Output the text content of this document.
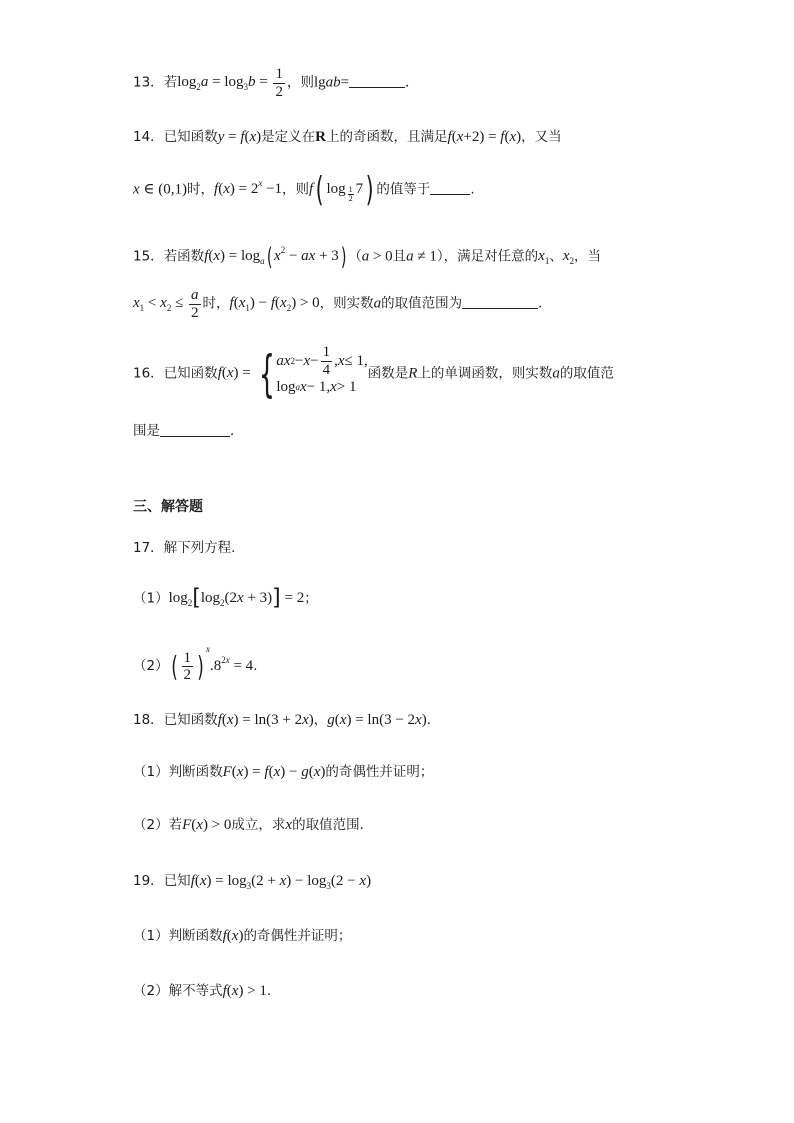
13．若$\log_2a = \log_3b = \frac{1}{2}$ ，则lgab=	．
14．已知函数y = f(x)是定义在R上的奇函数，且满足f(x+2) = f(x)，又当
x ∈ (0,1)时，$f(x) = 2^x -1$，则f( $\log \frac{1}{2} 7$) 的值等于	.
15．若函数$f(x) = \log_a$( $x^2$ − ax + 3) （a > 0且a ≠ 1），满足对任意的$x_1$、$x_2$，当
$x_1 < x_2 \le \frac{a}{2}$ 时，$f(x_1) - f(x_2) > 0$，则实数a的取值范围为	．
16．已知函数f(x) = { ax $2 - x - \frac{1}{4}$ , x ≤ 1,
log a x − 1, x > 1
函数是R上的单调函数，则实数a的取值范
围是	．
三、解答题
17．解下列方程.
$(1)\log_2[\log_2(2x + 3)] = 2$；
$(2)( \frac{1}{2} )^x.8^{2x} = 4$.
18．已知函数f(x) = ln(3 + 2x)，g(x) = ln(3 − 2x)．
（1）判断函数F(x) = f(x) − g(x)的奇偶性并证明；
（2）若F(x) > 0成立，求x的取值范围．
19．已知$f(x) = \log_3(2 + x) - \log_3(2 - x)$
（1）判断函数f(x)的奇偶性并证明；
（2）解不等式f(x) > 1.
